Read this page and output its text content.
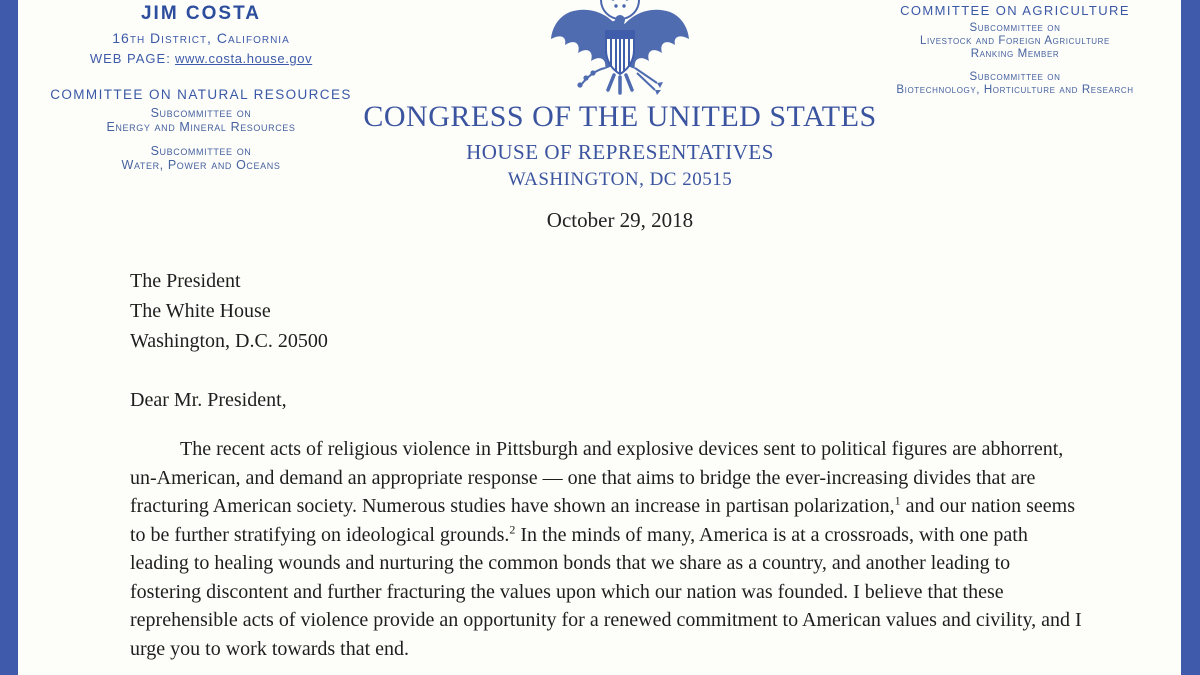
JIM COSTA
16th District, California
WEB PAGE: www.costa.house.gov
COMMITTEE ON NATURAL RESOURCES
Subcommittee on
Energy and Mineral Resources
Subcommittee on
Water, Power and Oceans
COMMITTEE ON AGRICULTURE
Subcommittee on
Livestock and Foreign Agriculture
Ranking Member
Subcommittee on
Biotechnology, Horticulture and Research
CONGRESS OF THE UNITED STATES
HOUSE OF REPRESENTATIVES
WASHINGTON, DC 20515
October 29, 2018
The President
The White House
Washington, D.C. 20500
Dear Mr. President,

The recent acts of religious violence in Pittsburgh and explosive devices sent to political figures are abhorrent, un-American, and demand an appropriate response — one that aims to bridge the ever-increasing divides that are fracturing American society. Numerous studies have shown an increase in partisan polarization,$^1$ and our nation seems to be further stratifying on ideological grounds.$^2$ In the minds of many, America is at a crossroads, with one path leading to healing wounds and nurturing the common bonds that we share as a country, and another leading to fostering discontent and further fracturing the values upon which our nation was founded. I believe that these reprehensible acts of violence provide an opportunity for a renewed commitment to American values and civility, and I urge you to work towards that end.
